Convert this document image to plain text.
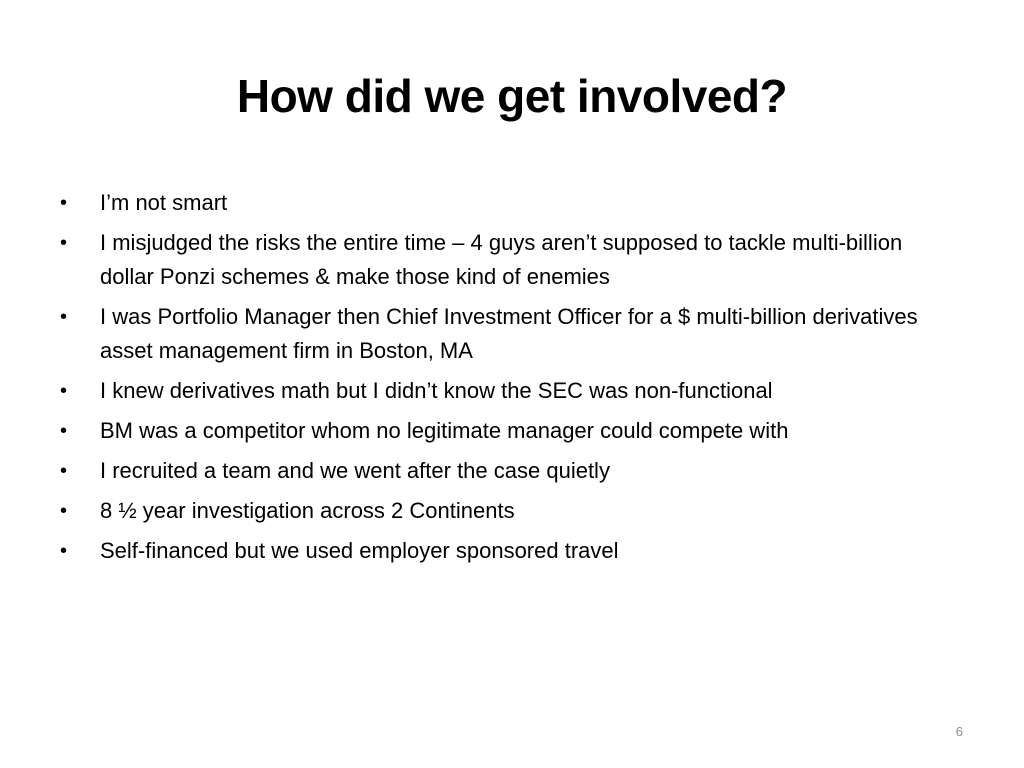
How did we get involved?
•	I’m not smart
•	I misjudged the risks the entire time – 4 guys aren’t supposed to tackle multi-billion dollar Ponzi schemes & make those kind of enemies
•	I was Portfolio Manager then Chief Investment Officer for a $ multi-billion derivatives asset management firm in Boston, MA
•	I knew derivatives math but I didn’t know the SEC was non-functional
•	BM was a competitor whom no legitimate manager could compete with
•	I recruited a team and we went after the case quietly
•	8 ½ year investigation across 2 Continents
•	Self-financed but we used employer sponsored travel
6
